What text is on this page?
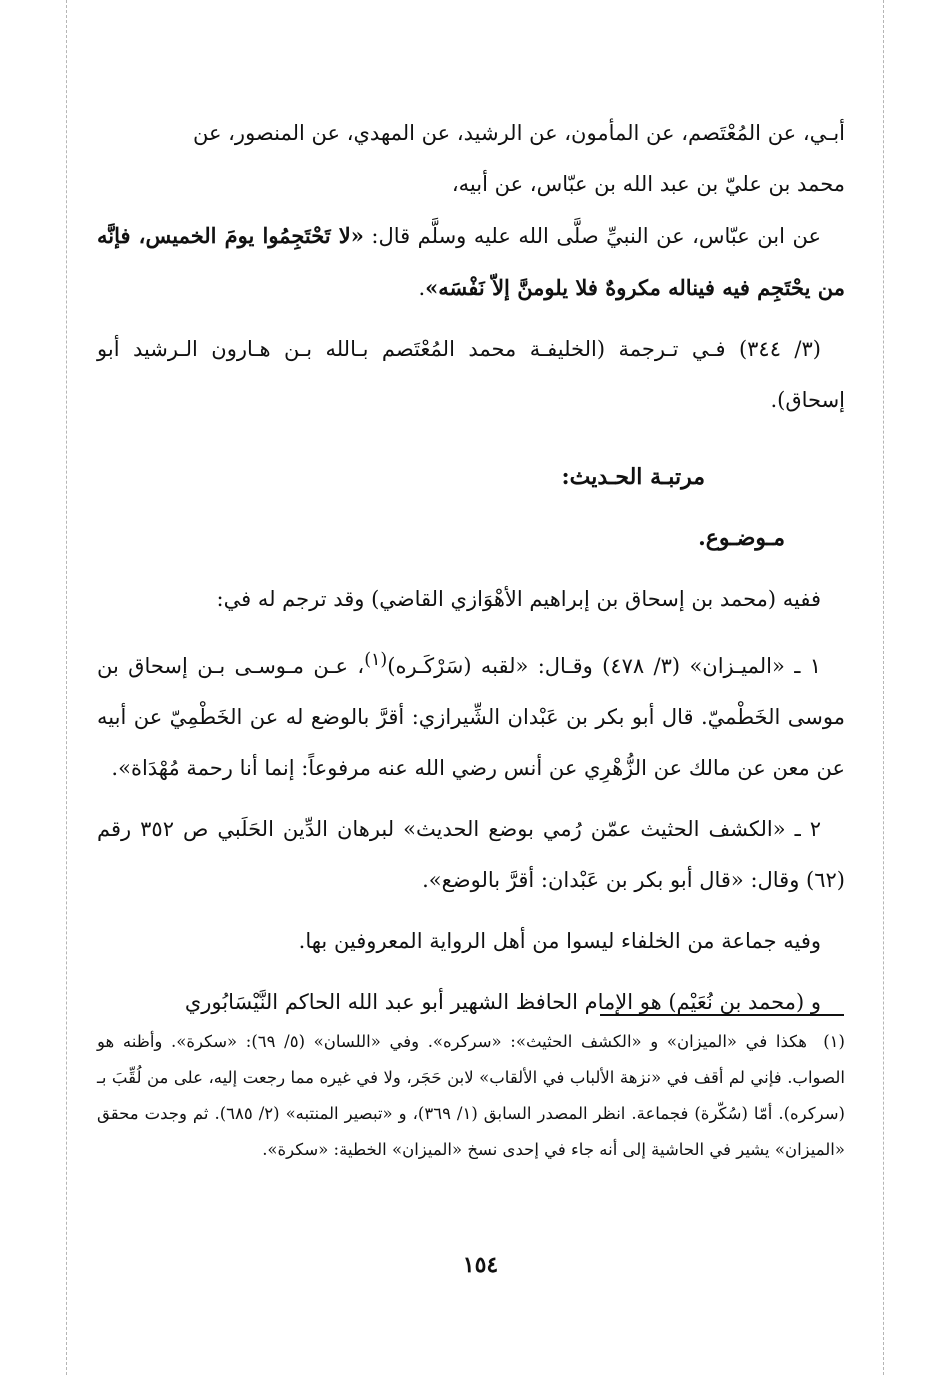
أبـي، عن المُعْتَصم، عن المأمون، عن الرشيد، عن المهدي، عن المنصور، عن
محمد بن عليّ بن عبد الله بن عبّاس، عن أبيه،

عن ابن عبّاس، عن النبيِّ صلَّى الله عليه وسلَّم قال: «لا تَحْتَجِمُوا يومَ الخميس، فإنَّه من يحْتَجِم فيه فيناله مكروهٌ فلا يلومنَّ إلاّ نَفْسَه».

(٣/ ٣٤٤) فـي تـرجمة (الخليفـة محمد المُعْتَصم بـالله بـن هـارون الـرشيد أبو إسحاق).

مرتبـة الحـديث:

مـوضـوع.

ففيه (محمد بن إسحاق بن إبراهيم الأهْوَازي القاضي) وقد ترجم له في:

١ ـ «الميـزان» (٣/ ٤٧٨) وقـال: «لقبه (سَرْكَـره)$^{(١)}$، عـن مـوسـى بـن إسحاق بن موسى الخَطْميّ. قال أبو بكر بن عَبْدان الشِّيرازي: أقرَّ بالوضع له عن الخَطْمِيّ عن أبيه عن معن عن مالك عن الزُّهْرِي عن أنس رضي الله عنه مرفوعاً: إنما أنا رحمة مُهْدَاة».

٢ ـ «الكشف الحثيث عمّن رُمي بوضع الحديث» لبرهان الدِّين الحَلَبي ص ٣٥٢ رقم (٦٢) وقال: «قال أبو بكر بن عَبْدان: أقرَّ بالوضع».

وفيه جماعة من الخلفاء ليسوا من أهل الرواية المعروفين بها.

و (محمد بن نُعَيْم) هو الإمام الحافظ الشهير أبو عبد الله الحاكم النَّيْسَابُوري

(١)هكذا في «الميزان» و «الكشف الحثيث»: «سركره». وفي «اللسان» (٥/ ٦٩): «سكرة». وأظنه هو الصواب. فإني لم أقف في «نزهة الألباب في الألقاب» لابن حَجَر، ولا في غيره مما رجعت إليه، على من لُقِّبَ بـ (سركره). أمّا (سُكّرة) فجماعة. انظر المصدر السابق (١/ ٣٦٩)، و «تبصير المنتبه» (٢/ ٦٨٥). ثم وجدت محقق «الميزان» يشير في الحاشية إلى أنه جاء في إحدى نسخ «الميزان» الخطية: «سكرة».

١٥٤
